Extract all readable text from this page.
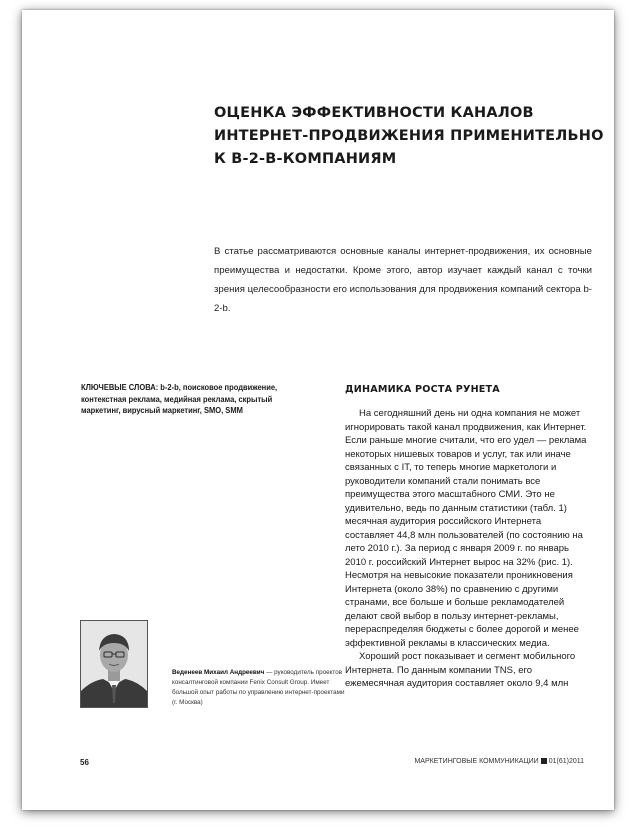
ОЦЕНКА ЭФФЕКТИВНОСТИ КАНАЛОВ
ИНТЕРНЕТ-ПРОДВИЖЕНИЯ ПРИМЕНИТЕЛЬНО
К B-2-B-КОМПАНИЯМ
В статье рассматриваются основные каналы интернет-продвижения, их основные преимущества и недостатки. Кроме этого, автор изучает каждый канал с точки зрения целесообразности его использования для продвижения компаний сектора b-2-b.
КЛЮЧЕВЫЕ СЛОВА: b-2-b, поисковое продвижение, контекстная реклама, медийная реклама, скрытый маркетинг, вирусный маркетинг, SMO, SMM
Веденеев Михаил Андреевич — руководитель проектов консалтинговой компании Fenix Consult Group. Имеет большой опыт работы по управлению интернет-проектами (г. Москва)
ДИНАМИКА РОСТА РУНЕТА

На сегодняшний день ни одна компания не может игнорировать такой канал продвижения, как Интернет. Если раньше многие считали, что его удел — реклама некоторых нишевых товаров и услуг, так или иначе связанных с IT, то теперь многие маркетологи и руководители компаний стали понимать все преимущества этого масштабного СМИ. Это не удивительно, ведь по данным статистики (табл. 1) месячная аудитория российского Интернета составляет 44,8 млн пользователей (по состоянию на лето 2010 г.). За период с января 2009 г. по январь 2010 г. российский Интернет вырос на 32% (рис. 1). Несмотря на невысокие показатели проникновения Интернета (около 38%) по сравнению с другими странами, все больше и больше рекламодателей делают свой выбор в пользу интернет-рекламы, перераспределяя бюджеты с более дорогой и менее эффективной рекламы в классических медиа.

Хороший рост показывает и сегмент мобильного Интернета. По данным компании TNS, его ежемесячная аудитория составляет около 9,4 млн

56	МАРКЕТИНГОВЫЕ КОММУНИКАЦИИ 01(61)2011
